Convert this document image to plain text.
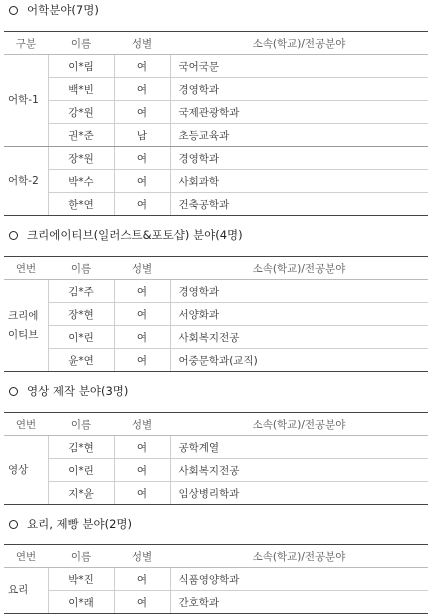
어학분야(7명)
구분	이름	성별	소속(학교)/전공분야
어학-1	이*림	여	국어국문
	백*빈	여	경영학과
	강*원	여	국제관광학과
	권*준	남	초등교육과
어학-2	장*원	여	경영학과
	박*수	여	사회과학
	한*연	여	건축공학과
크리에이티브(일러스트&포토샵) 분야(4명)
연번	이름	성별	소속(학교)/전공분야
크리에
이티브	김*주	여	경영학과
	장*현	여	서양화과
	이*린	여	사회복지전공
	윤*연	여	어중문학과(교직)
영상 제작 분야(3명)
연번	이름	성별	소속(학교)/전공분야
영상	김*현	여	공학계열
	이*린	여	사회복지전공
	지*윤	여	임상병리학과
요리, 제빵 분야(2명)
연번	이름	성별	소속(학교)/전공분야
요리	박*진	여	식품영양학과
	이*래	여	간호학과
